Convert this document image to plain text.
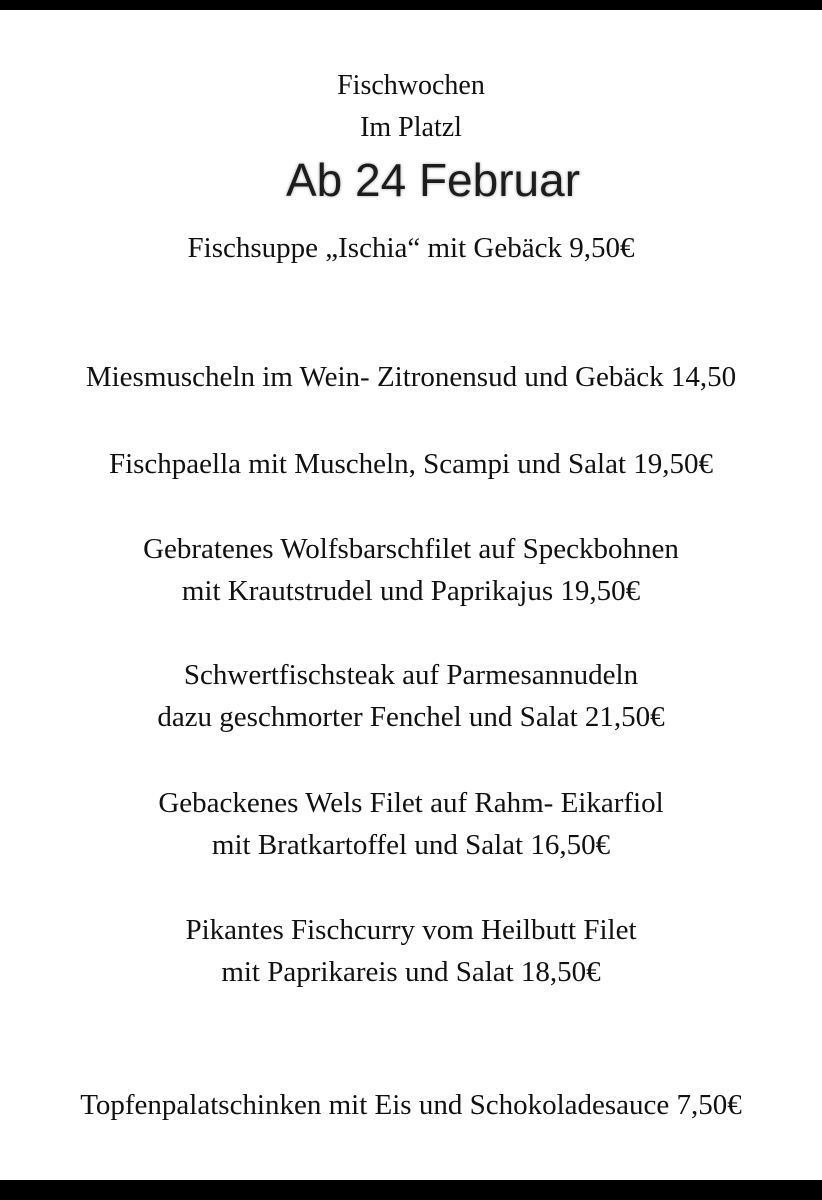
Fischwochen
Im Platzl
Ab 24 Februar
Fischsuppe „Ischia“ mit Gebäck 9,50€
Miesmuscheln im Wein- Zitronensud und Gebäck 14,50
Fischpaella mit Muscheln, Scampi und Salat 19,50€
Gebratenes Wolfsbarschfilet auf Speckbohnen
mit Krautstrudel und Paprikajus 19,50€
Schwertfischsteak auf Parmesannudeln
dazu geschmorter Fenchel und Salat 21,50€
Gebackenes Wels Filet auf Rahm- Eikarfiol
mit Bratkartoffel und Salat 16,50€
Pikantes Fischcurry vom Heilbutt Filet
mit Paprikareis und Salat 18,50€
Topfenpalatschinken mit Eis und Schokoladesauce 7,50€
